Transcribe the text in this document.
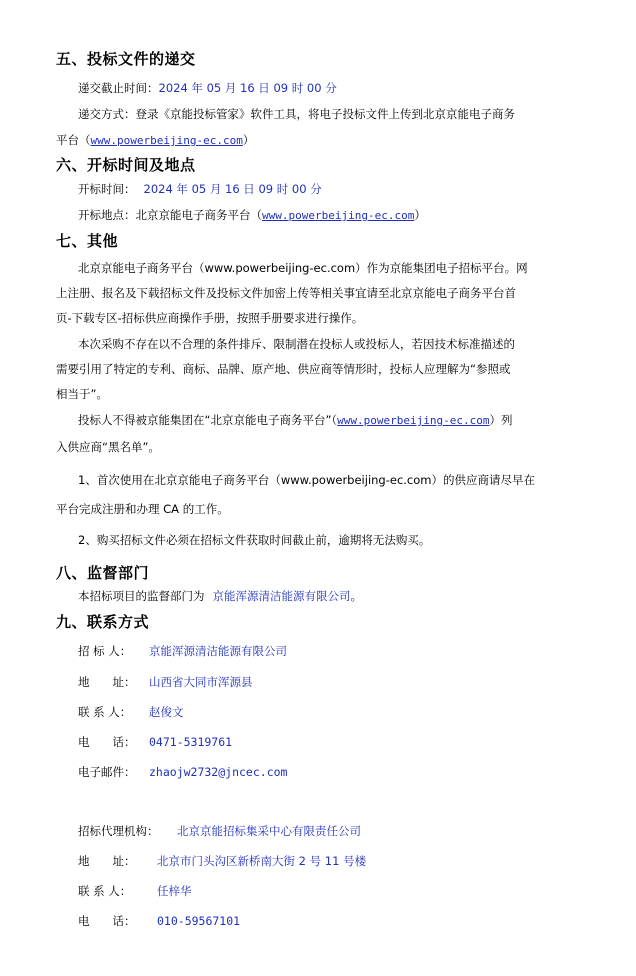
五、投标文件的递交
递交截止时间：2024 年 05 月 16 日 09 时 00 分
递交方式：登录《京能投标管家》软件工具，将电子投标文件上传到北京京能电子商务
平台（www.powerbeijing-ec.com）
六、开标时间及地点
开标时间： 2024 年 05 月 16 日 09 时 00 分
开标地点：北京京能电子商务平台（www.powerbeijing-ec.com）
七、其他
北京京能电子商务平台（www.powerbeijing-ec.com）作为京能集团电子招标平台。网
上注册、报名及下载招标文件及投标文件加密上传等相关事宜请至北京京能电子商务平台首
页-下载专区-招标供应商操作手册，按照手册要求进行操作。
本次采购不存在以不合理的条件排斥、限制潜在投标人或投标人，若因技术标准描述的
需要引用了特定的专利、商标、品牌、原产地、供应商等情形时，投标人应理解为“参照或
相当于”。
投标人不得被京能集团在“北京京能电子商务平台”（www.powerbeijing-ec.com）列
入供应商“黑名单”。
1、首次使用在北京京能电子商务平台（www.powerbeijing-ec.com）的供应商请尽早在
平台完成注册和办理 CA 的工作。
2、购买招标文件必须在招标文件获取时间截止前，逾期将无法购买。
八、监督部门
本招标项目的监督部门为 京能浑源清洁能源有限公司。
九、联系方式
招 标 人： 京能浑源清洁能源有限公司
地　　址： 山西省大同市浑源县
联 系 人： 赵俊文
电　　话： 0471-5319761
电子邮件： zhaojw2732@jncec.com
招标代理机构： 北京京能招标集采中心有限责任公司
地　　址： 北京市门头沟区新桥南大街 2 号 11 号楼
联 系 人： 任梓华
电　　话： 010-59567101
